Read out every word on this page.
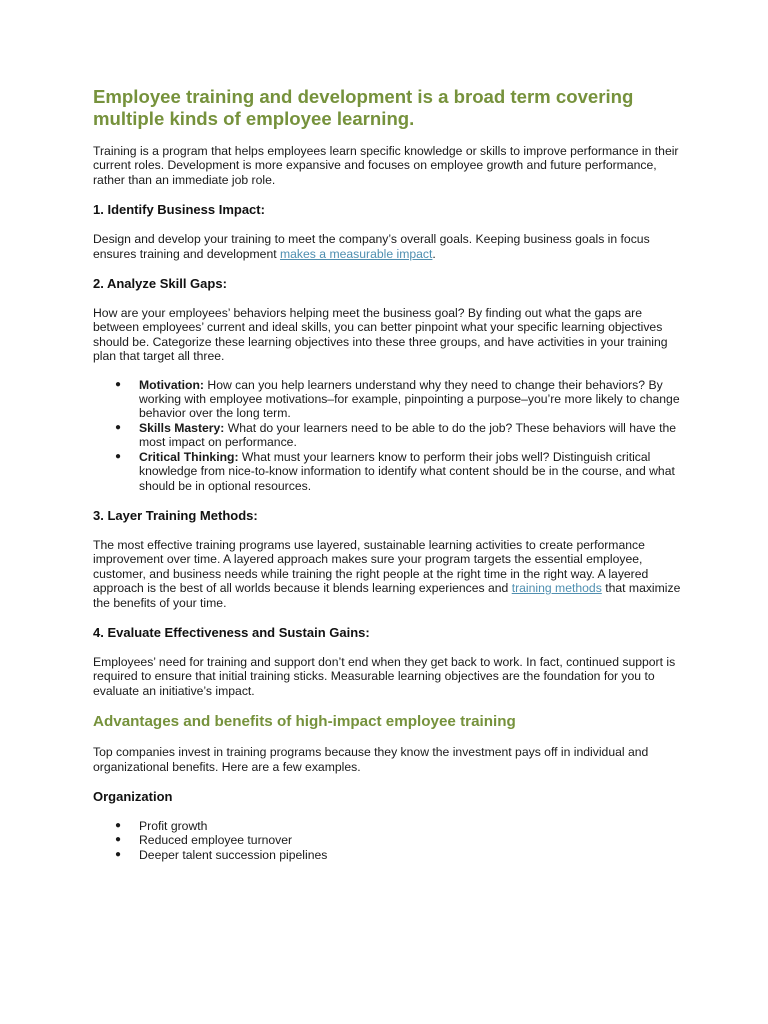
Employee training and development is a broad term covering multiple kinds of employee learning.

Training is a program that helps employees learn specific knowledge or skills to improve performance in their current roles. Development is more expansive and focuses on employee growth and future performance, rather than an immediate job role.

1. Identify Business Impact:

Design and develop your training to meet the company’s overall goals. Keeping business goals in focus ensures training and development makes a measurable impact.

2. Analyze Skill Gaps:

How are your employees’ behaviors helping meet the business goal? By finding out what the gaps are between employees’ current and ideal skills, you can better pinpoint what your specific learning objectives should be. Categorize these learning objectives into these three groups, and have activities in your training plan that target all three.

● Motivation: How can you help learners understand why they need to change their behaviors? By working with employee motivations–for example, pinpointing a purpose–you’re more likely to change behavior over the long term.
● Skills Mastery: What do your learners need to be able to do the job? These behaviors will have the most impact on performance.
● Critical Thinking: What must your learners know to perform their jobs well? Distinguish critical knowledge from nice-to-know information to identify what content should be in the course, and what should be in optional resources.
3. Layer Training Methods:

The most effective training programs use layered, sustainable learning activities to create performance improvement over time. A layered approach makes sure your program targets the essential employee, customer, and business needs while training the right people at the right time in the right way. A layered approach is the best of all worlds because it blends learning experiences and training methods that maximize the benefits of your time.

4. Evaluate Effectiveness and Sustain Gains:

Employees’ need for training and support don’t end when they get back to work. In fact, continued support is required to ensure that initial training sticks. Measurable learning objectives are the foundation for you to evaluate an initiative’s impact.

Advantages and benefits of high-impact employee training

Top companies invest in training programs because they know the investment pays off in individual and organizational benefits. Here are a few examples.

Organization
● Profit growth
● Reduced employee turnover
● Deeper talent succession pipelines
